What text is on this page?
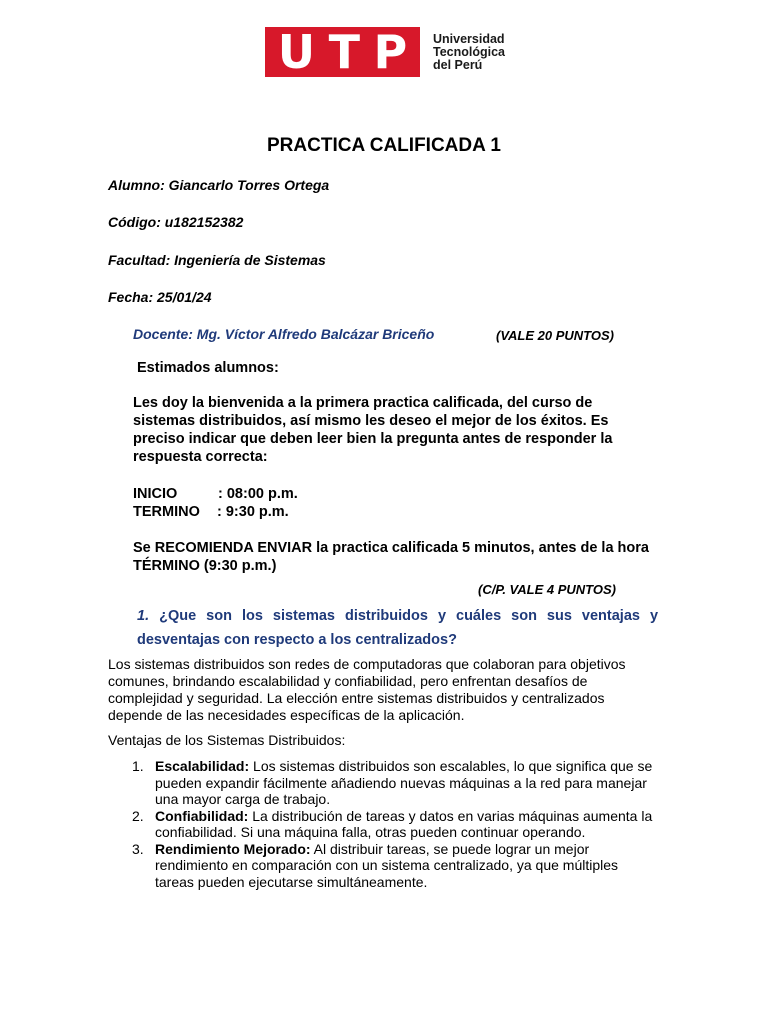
U T P Universidad
Tecnológica
del Perú
PRACTICA CALIFICADA 1
Alumno: Giancarlo Torres Ortega
Código: u182152382
Facultad: Ingeniería de Sistemas
Fecha: 25/01/24
Docente: Mg. Víctor Alfredo Balcázar Briceño	(VALE 20 PUNTOS)
Estimados alumnos:
Les doy la bienvenida a la primera practica calificada, del curso de sistemas distribuidos, así mismo les deseo el mejor de los éxitos. Es preciso indicar que deben leer bien la pregunta antes de responder la respuesta correcta:
INICIO	: 08:00 p.m.
TERMINO : 9:30 p.m.
Se RECOMIENDA ENVIAR la practica calificada 5 minutos, antes de la hora TÉRMINO (9:30 p.m.)
(C/P. VALE 4 PUNTOS)
1. ¿Que son los sistemas distribuidos y cuáles son sus ventajas y desventajas con respecto a los centralizados?
Los sistemas distribuidos son redes de computadoras que colaboran para objetivos comunes, brindando escalabilidad y confiabilidad, pero enfrentan desafíos de complejidad y seguridad. La elección entre sistemas distribuidos y centralizados depende de las necesidades específicas de la aplicación.
Ventajas de los Sistemas Distribuidos:
1. Escalabilidad: Los sistemas distribuidos son escalables, lo que significa que se pueden expandir fácilmente añadiendo nuevas máquinas a la red para manejar una mayor carga de trabajo.
2. Confiabilidad: La distribución de tareas y datos en varias máquinas aumenta la confiabilidad. Si una máquina falla, otras pueden continuar operando.
3. Rendimiento Mejorado: Al distribuir tareas, se puede lograr un mejor rendimiento en comparación con un sistema centralizado, ya que múltiples tareas pueden ejecutarse simultáneamente.
